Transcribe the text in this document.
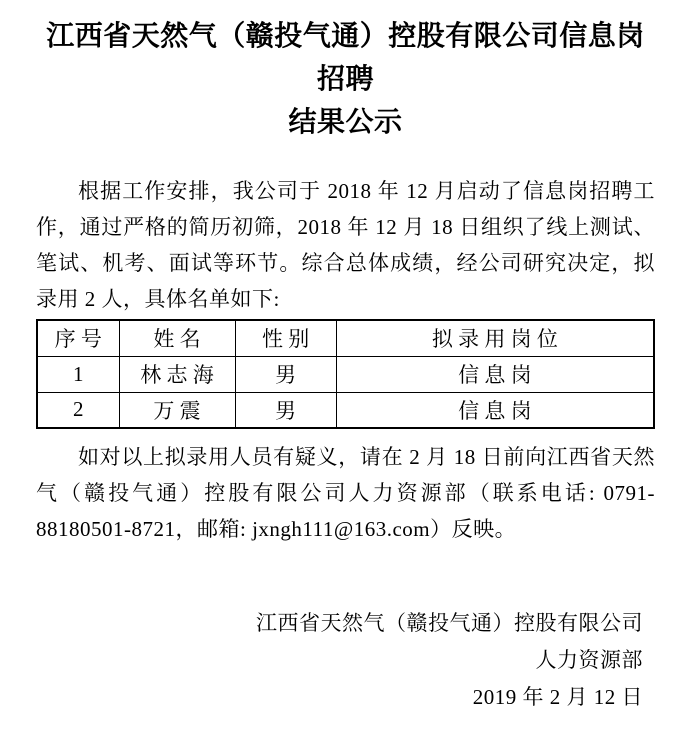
江西省天然气（赣投气通）控股有限公司信息岗招聘
结果公示

根据工作安排，我公司于 2018 年 12 月启动了信息岗招聘工作，通过严格的简历初筛，2018 年 12 月 18 日组织了线上测试、笔试、机考、面试等环节。综合总体成绩，经公司研究决定，拟录用 2 人，具体名单如下:

序号	姓名	性别	拟录用岗位
1	林志海	男	信息岗
2	万震	男	信息岗

如对以上拟录用人员有疑义，请在 2 月 18 日前向江西省天然气（赣投气通）控股有限公司人力资源部（联系电话: 0791-88180501-8721，邮箱: jxngh111@163.com）反映。

江西省天然气（赣投气通）控股有限公司
人力资源部
2019 年 2 月 12 日
